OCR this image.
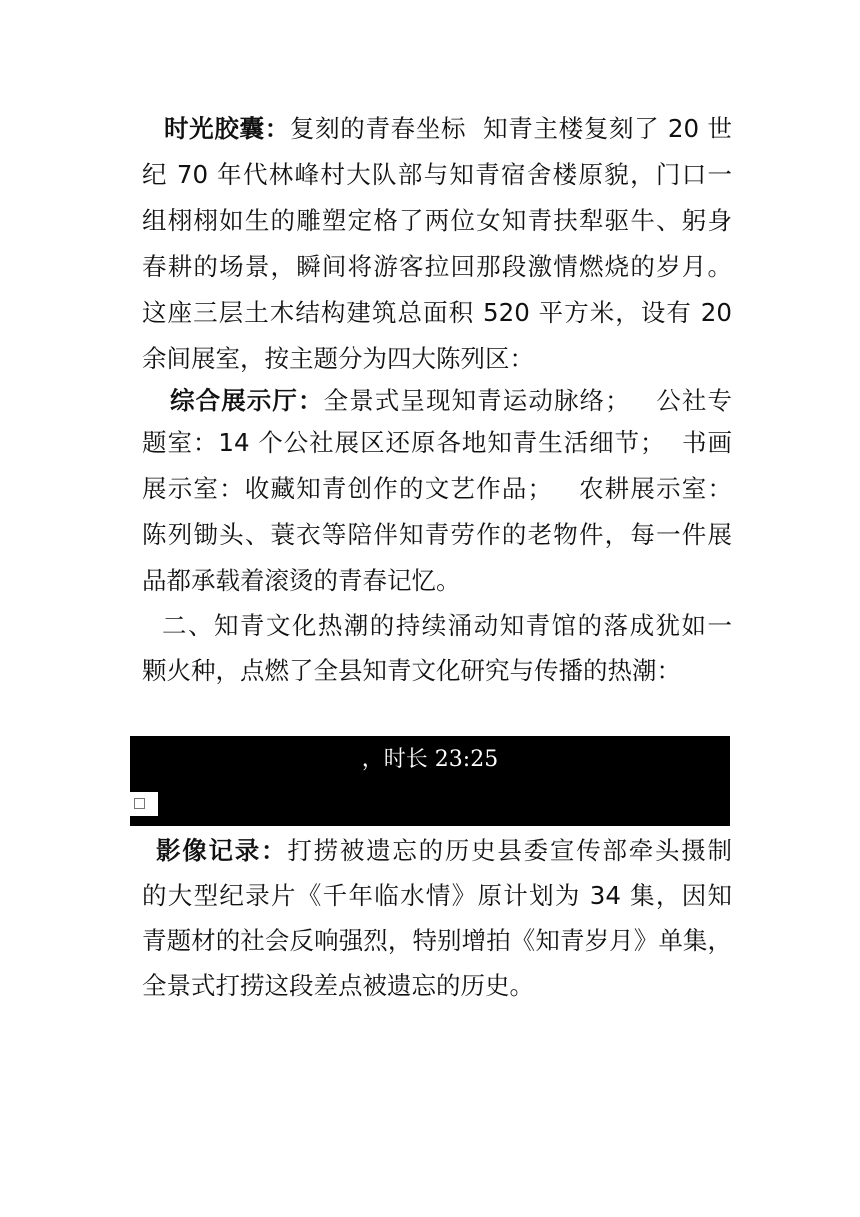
时光胶囊：复刻的青春坐标  知青主楼复刻了 20 世
纪 70 年代林峰村大队部与知青宿舍楼原貌，门口一
组栩栩如生的雕塑定格了两位女知青扶犁驱牛、躬身
春耕的场景，瞬间将游客拉回那段激情燃烧的岁月。
这座三层土木结构建筑总面积 520 平方米，设有 20
余间展室，按主题分为四大陈列区：
综合展示厅：全景式呈现知青运动脉络；   公社专
题室：14 个公社展区还原各地知青生活细节；  书画
展示室：收藏知青创作的文艺作品；   农耕展示室：
陈列锄头、蓑衣等陪伴知青劳作的老物件，每一件展
品都承载着滚烫的青春记忆。
二、知青文化热潮的持续涌动知青馆的落成犹如一
颗火种，点燃了全县知青文化研究与传播的热潮：
，时长 23:25
影像记录：打捞被遗忘的历史县委宣传部牵头摄制
的大型纪录片《千年临水情》原计划为 34 集，因知
青题材的社会反响强烈，特别增拍《知青岁月》单集，
全景式打捞这段差点被遗忘的历史。
